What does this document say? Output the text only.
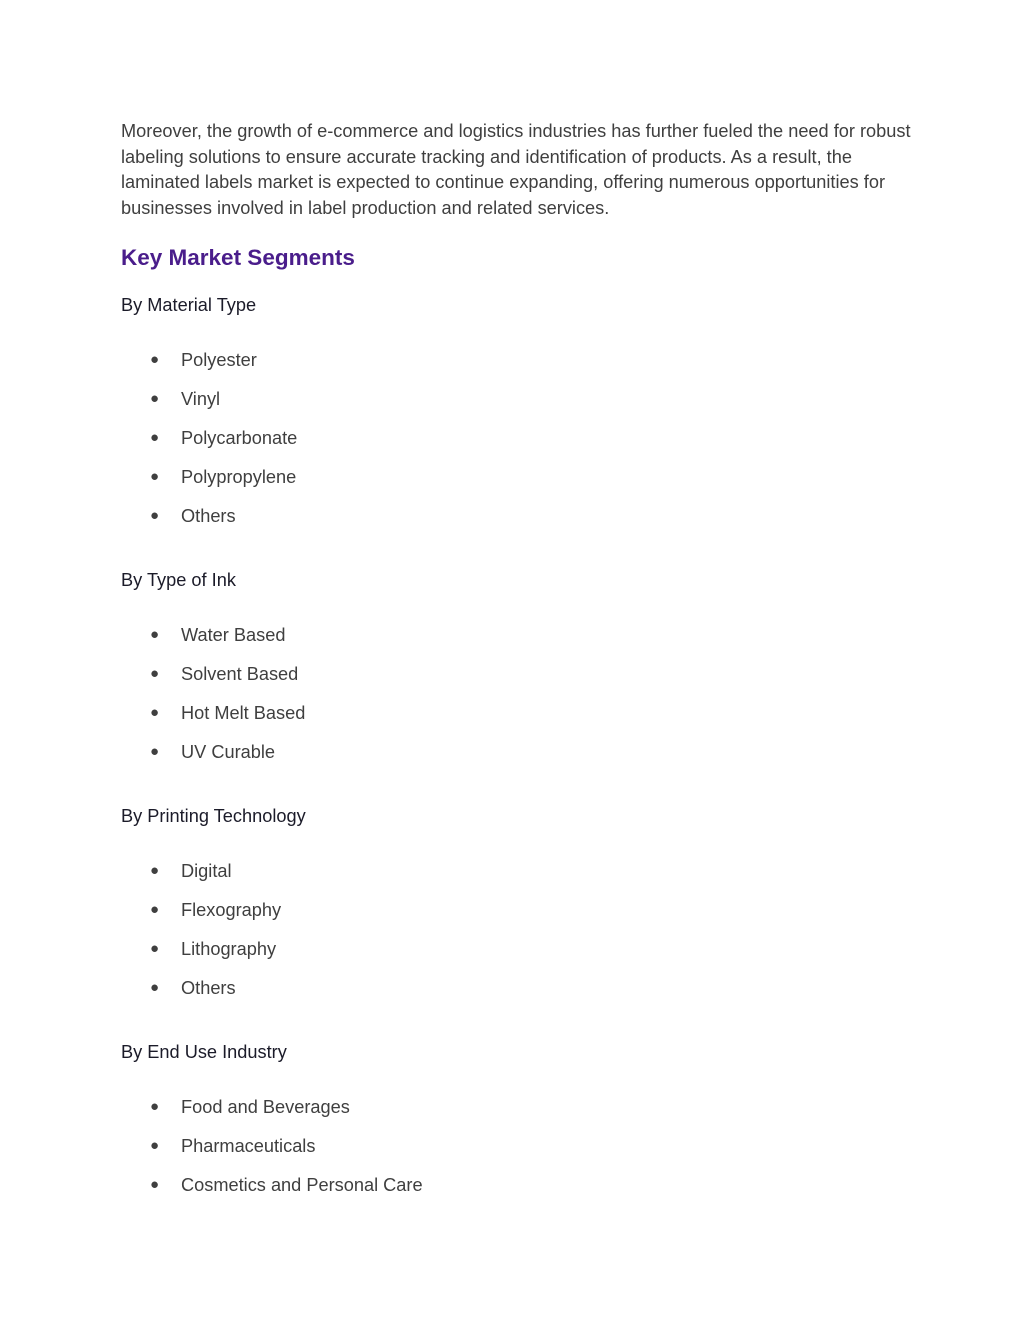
Moreover, the growth of e-commerce and logistics industries has further fueled the need for robust labeling solutions to ensure accurate tracking and identification of products. As a result, the laminated labels market is expected to continue expanding, offering numerous opportunities for businesses involved in label production and related services.

Key Market Segments

By Material Type

● Polyester
● Vinyl
● Polycarbonate
● Polypropylene
● Others

By Type of Ink

● Water Based
● Solvent Based
● Hot Melt Based
● UV Curable

By Printing Technology

● Digital
● Flexography
● Lithography
● Others

By End Use Industry

● Food and Beverages
● Pharmaceuticals
● Cosmetics and Personal Care
